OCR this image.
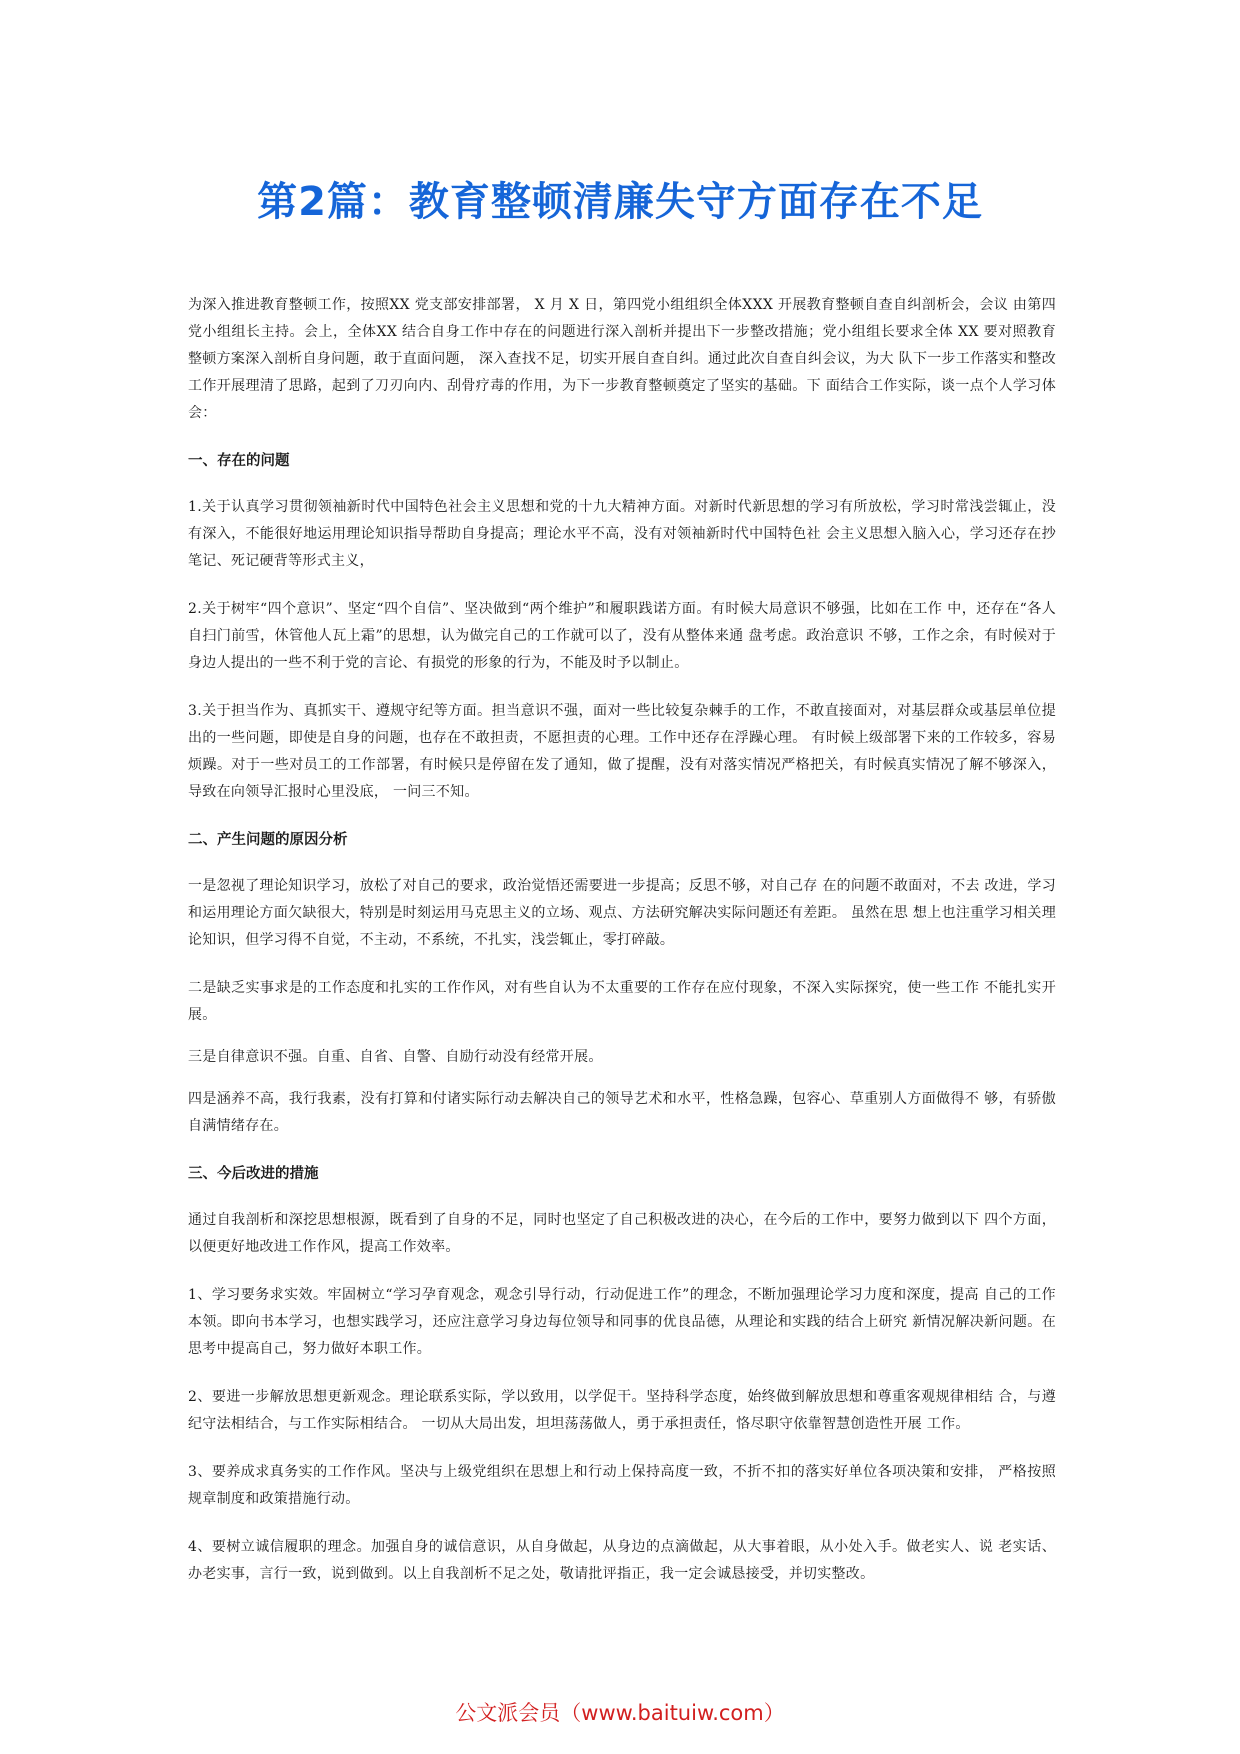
第2篇：教育整顿清廉失守方面存在不足

为深入推进教育整顿工作，按照XX 党支部安排部署， X 月 X 日，第四党小组组织全体XXX 开展教育整顿自查自纠剖析会，会议 由第四党小组组长主持。会上，全体XX 结合自身工作中存在的问题进行深入剖析并提出下一步整改措施；党小组组长要求全体 XX 要对照教育整顿方案深入剖析自身问题，敢于直面问题， 深入查找不足，切实开展自查自纠。通过此次自查自纠会议，为大 队下一步工作落实和整改工作开展理清了思路，起到了刀刃向内、刮骨疗毒的作用，为下一步教育整顿奠定了坚实的基础。下 面结合工作实际，谈一点个人学习体会：

一、存在的问题

1.关于认真学习贯彻领袖新时代中国特色社会主义思想和党的十九大精神方面。对新时代新思想的学习有所放松，学习时常浅尝辄止，没有深入，不能很好地运用理论知识指导帮助自身提高；理论水平不高，没有对领袖新时代中国特色社 会主义思想入脑入心，学习还存在抄笔记、死记硬背等形式主义，

2.关于树牢“四个意识”、坚定“四个自信”、坚决做到“两个维护”和履职践诺方面。有时候大局意识不够强，比如在工作 中，还存在“各人自扫门前雪，休管他人瓦上霜”的思想，认为做完自己的工作就可以了，没有从整体来通 盘考虑。政治意识 不够，工作之余，有时候对于身边人提出的一些不利于党的言论、有损党的形象的行为，不能及时予以制止。

3.关于担当作为、真抓实干、遵规守纪等方面。担当意识不强，面对一些比较复杂棘手的工作，不敢直接面对，对基层群众或基层单位提出的一些问题，即使是自身的问题，也存在不敢担责，不愿担责的心理。工作中还存在浮躁心理。 有时候上级部署下来的工作较多，容易烦躁。对于一些对员工的工作部署，有时候只是停留在发了通知，做了提醒，没有对落实情况严格把关，有时候真实情况了解不够深入，导致在向领导汇报时心里没底， 一问三不知。

二、产生问题的原因分析

一是忽视了理论知识学习，放松了对自己的要求，政治觉悟还需要进一步提高；反思不够，对自己存 在的问题不敢面对，不去 改进，学习和运用理论方面欠缺很大，特别是时刻运用马克思主义的立场、观点、方法研究解决实际问题还有差距。 虽然在思 想上也注重学习相关理论知识，但学习得不自觉，不主动，不系统，不扎实，浅尝辄止，零打碎敲。

二是缺乏实事求是的工作态度和扎实的工作作风，对有些自认为不太重要的工作存在应付现象，不深入实际探究，使一些工作 不能扎实开展。

三是自律意识不强。自重、自省、自警、自励行动没有经常开展。

四是涵养不高，我行我素，没有打算和付诸实际行动去解决自己的领导艺术和水平，性格急躁，包容心、草重别人方面做得不 够，有骄傲自满情绪存在。

三、今后改进的措施

通过自我剖析和深挖思想根源，既看到了自身的不足，同时也坚定了自己积极改进的决心，在今后的工作中，要努力做到以下 四个方面，以便更好地改进工作作风，提高工作效率。

1、学习要务求实效。牢固树立“学习孕育观念，观念引导行动，行动促进工作”的理念，不断加强理论学习力度和深度，提高 自己的工作本领。即向书本学习，也想实践学习，还应注意学习身边每位领导和同事的优良品德，从理论和实践的结合上研究 新情况解决新问题。在思考中提高自己，努力做好本职工作。

2、要进一步解放思想更新观念。理论联系实际，学以致用，以学促干。坚持科学态度，始终做到解放思想和尊重客观规律相结 合，与遵纪守法相结合，与工作实际相结合。 一切从大局出发，坦坦荡荡做人，勇于承担责任，恪尽职守依靠智慧创造性开展 工作。

3、要养成求真务实的工作作风。坚决与上级党组织在思想上和行动上保持高度一致，不折不扣的落实好单位各项决策和安排， 严格按照规章制度和政策措施行动。

4、要树立诚信履职的理念。加强自身的诚信意识，从自身做起，从身边的点滴做起，从大事着眼，从小处入手。做老实人、说 老实话、办老实事，言行一致，说到做到。以上自我剖析不足之处，敬请批评指正，我一定会诚恳接受，并切实整改。

公文派会员（www.baituiw.com）
